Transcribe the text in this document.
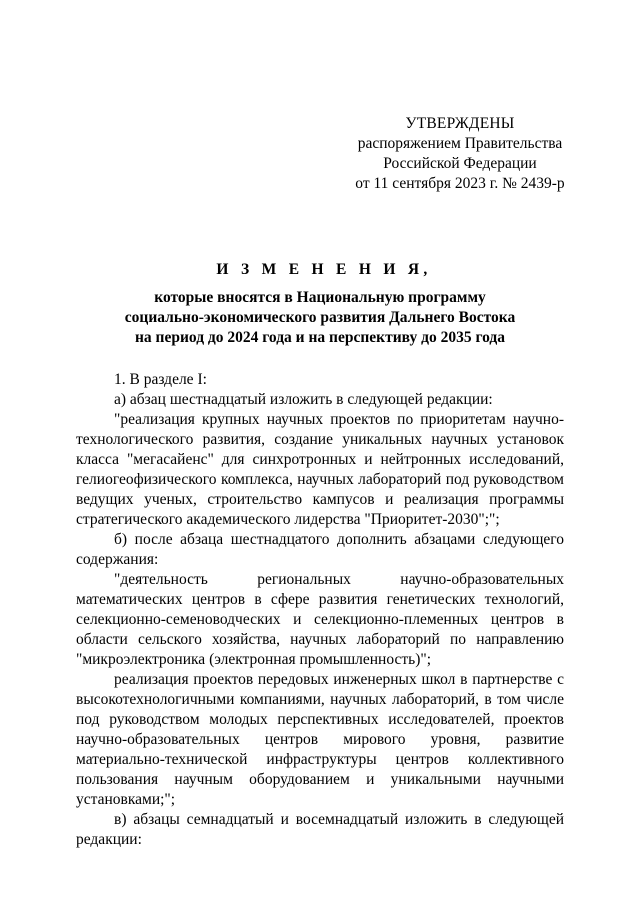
УТВЕРЖДЕНЫ
распоряжением Правительства
Российской Федерации
от 11 сентября 2023 г. № 2439-р
И З М Е Н Е Н И Я,
которые вносятся в Национальную программу
социально-экономического развития Дальнего Востока
на период до 2024 года и на перспективу до 2035 года

1. В разделе I:

а) абзац шестнадцатый изложить в следующей редакции:

"реализация крупных научных проектов по приоритетам научно-технологического развития, создание уникальных научных установок класса "мегасайенс" для синхротронных и нейтронных исследований, гелиогеофизического комплекса, научных лабораторий под руководством ведущих ученых, строительство кампусов и реализация программы стратегического академического лидерства "Приоритет-2030";";

б) после абзаца шестнадцатого дополнить абзацами следующего содержания:

"деятельность региональных научно-образовательных математических центров в сфере развития генетических технологий, селекционно-семеноводческих и селекционно-племенных центров в области сельского хозяйства, научных лабораторий по направлению "микроэлектроника (электронная промышленность)";

реализация проектов передовых инженерных школ в партнерстве с высокотехнологичными компаниями, научных лабораторий, в том числе под руководством молодых перспективных исследователей, проектов научно-образовательных центров мирового уровня, развитие материально-технической инфраструктуры центров коллективного пользования научным оборудованием и уникальными научными установками;";

в) абзацы семнадцатый и восемнадцатый изложить в следующей редакции:
